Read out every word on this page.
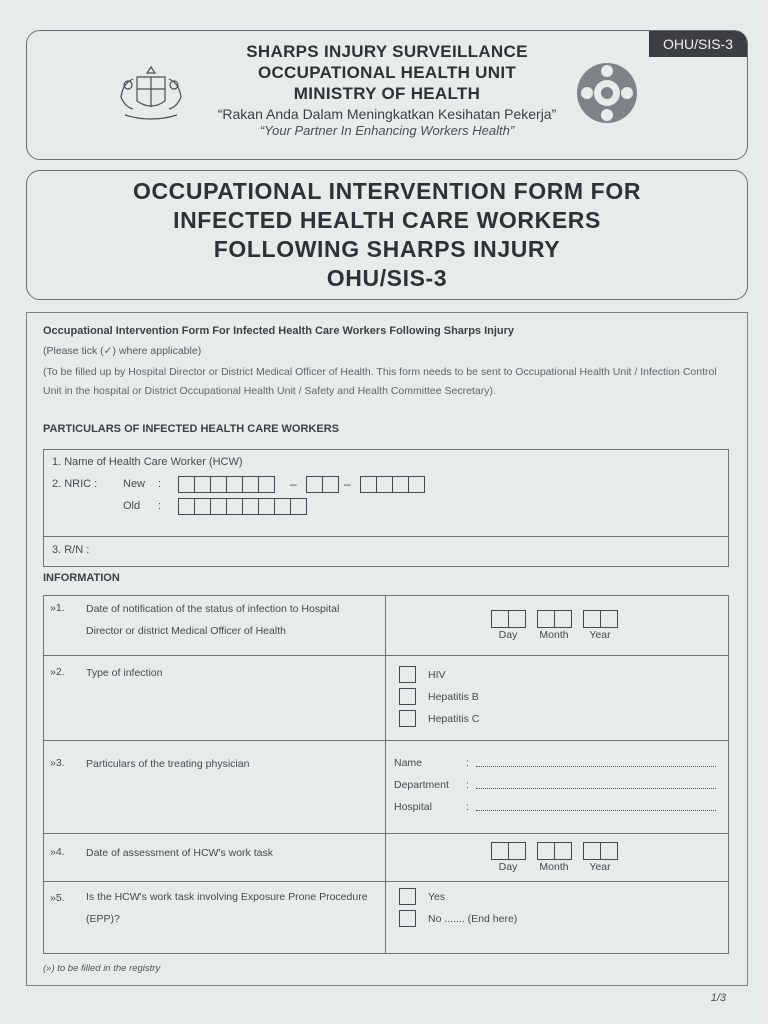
OHU/SIS-3
SHARPS INJURY SURVEILLANCE
OCCUPATIONAL HEALTH UNIT
MINISTRY OF HEALTH
“Rakan Anda Dalam Meningkatkan Kesihatan Pekerja”
“Your Partner In Enhancing Workers Health”
OCCUPATIONAL INTERVENTION FORM FOR
INFECTED HEALTH CARE WORKERS
FOLLOWING SHARPS INJURY
OHU/SIS-3
Occupational Intervention Form For Infected Health Care Workers Following Sharps Injury
(Please tick (✓) where applicable)
(To be filled up by Hospital Director or District Medical Officer of Health. This form needs to be sent to Occupational Health Unit / Infection Control Unit in the hospital or District Occupational Health Unit / Safety and Health Committee Secretary).
PARTICULARS OF INFECTED HEALTH CARE WORKERS
1. Name of Health Care Worker (HCW)
2. NRIC : New :	–	–
Old :
3. R/N :
INFORMATION
»1. Date of notification of the status of infection to Hospital Director or district Medical Officer of Health	Day Month Year
»2. Type of infection	HIV
Hepatitis B
Hepatitis C
»3. Particulars of the treating physician	Name	:
Department :
Hospital	:
»4. Date of assessment of HCW's work task
Day Month Year
»5. Is the HCW's work task involving Exposure Prone Procedure (EPP)?
Yes
No ....... (End here)
(») to be filled in the registry
1/3
